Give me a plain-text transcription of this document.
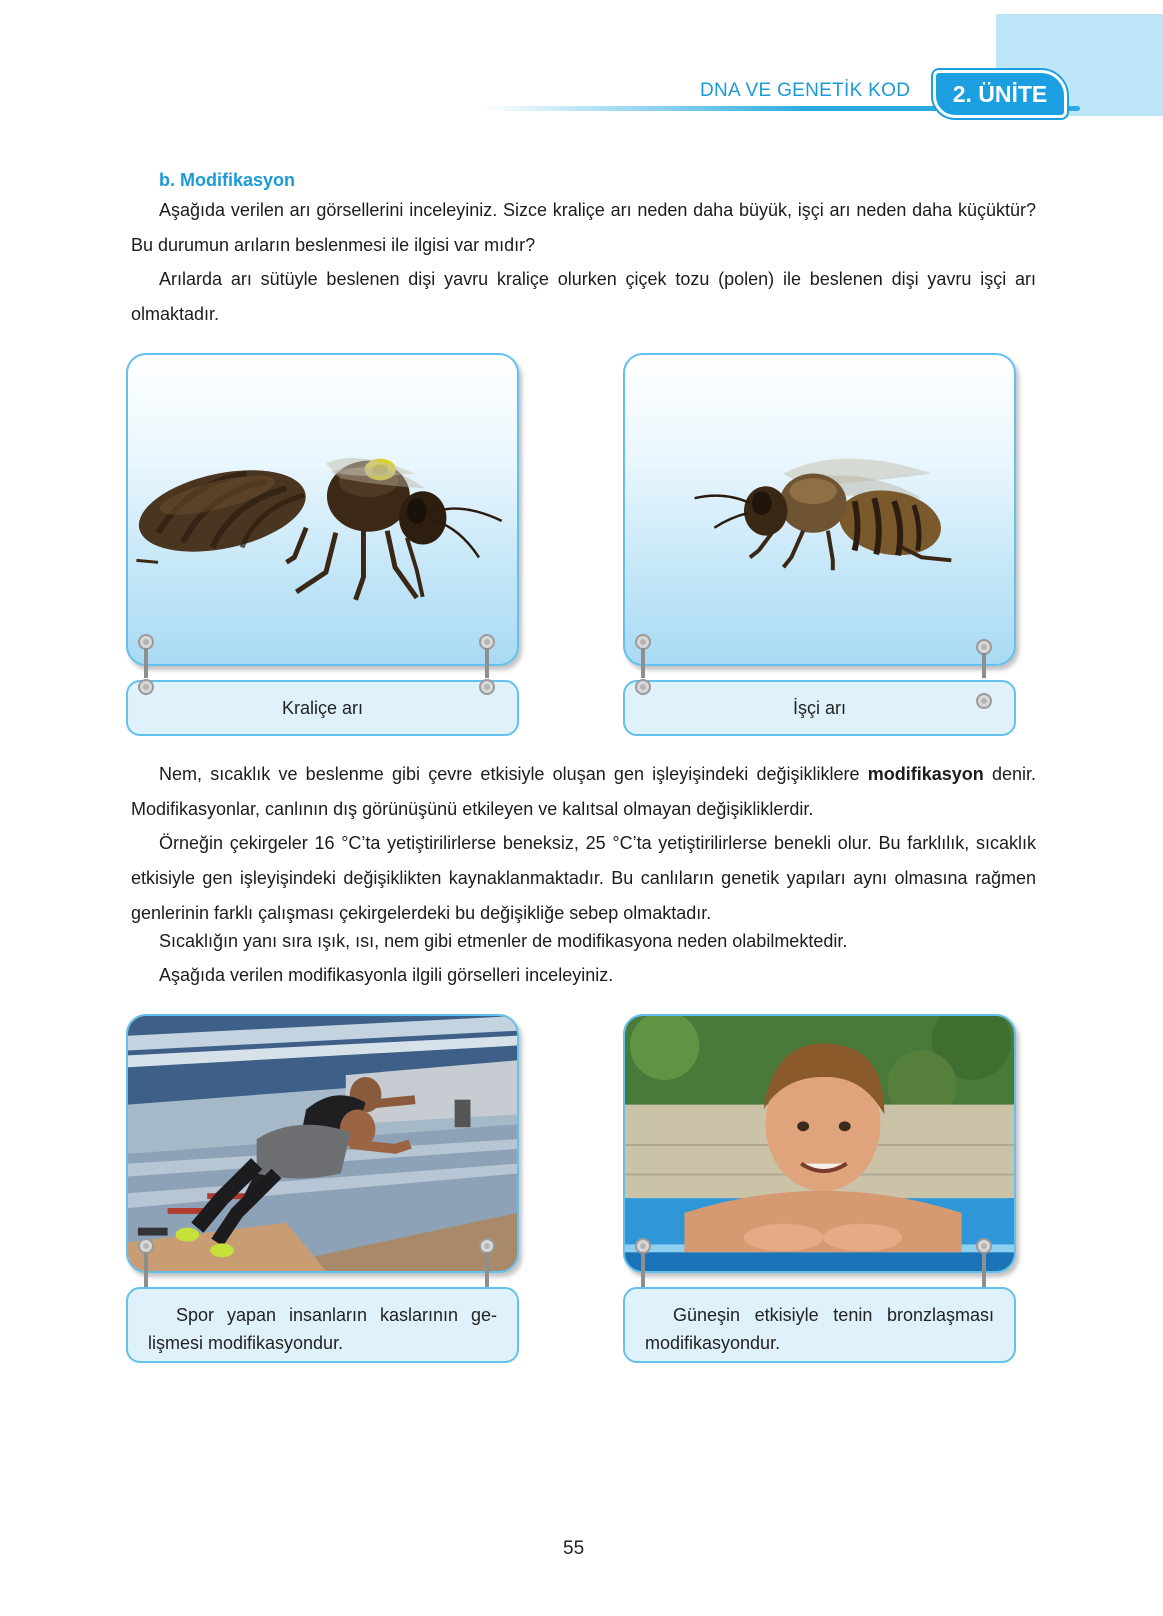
DNA VE GENETİK KOD	2. ÜNİTE
b. Modifikasyon
Aşağıda verilen arı görsellerini inceleyiniz. Sizce kraliçe arı neden daha büyük, işçi arı neden daha küçüktür? Bu durumun arıların beslenmesi ile ilgisi var mıdır?
Arılarda arı sütüyle beslenen dişi yavru kraliçe olurken çiçek tozu (polen) ile beslenen dişi yavru işçi arı olmaktadır.
Kraliçe arı	İşçi arı
Nem, sıcaklık ve beslenme gibi çevre etkisiyle oluşan gen işleyişindeki değişikliklere modifikasyon denir. Modifikasyonlar, canlının dış görünüşünü etkileyen ve kalıtsal olmayan değişikliklerdir.
Örneğin çekirgeler 16 °C’ta yetiştirilirlerse beneksiz, 25 °C’ta yetiştirilirlerse benekli olur. Bu farklılık, sıcaklık etkisiyle gen işleyişindeki değişiklikten kaynaklanmaktadır. Bu canlıların genetik yapıları aynı olmasına rağmen genlerinin farklı çalışması çekirgelerdeki bu değişikliğe sebep olmaktadır.
Sıcaklığın yanı sıra ışık, ısı, nem gibi etmenler de modifikasyona neden olabilmektedir.
Aşağıda verilen modifikasyonla ilgili görselleri inceleyiniz.
Spor yapan insanların kaslarının ge-lişmesi modifikasyondur.
Güneşin etkisiyle tenin bronzlaşması modifikasyondur.
55
